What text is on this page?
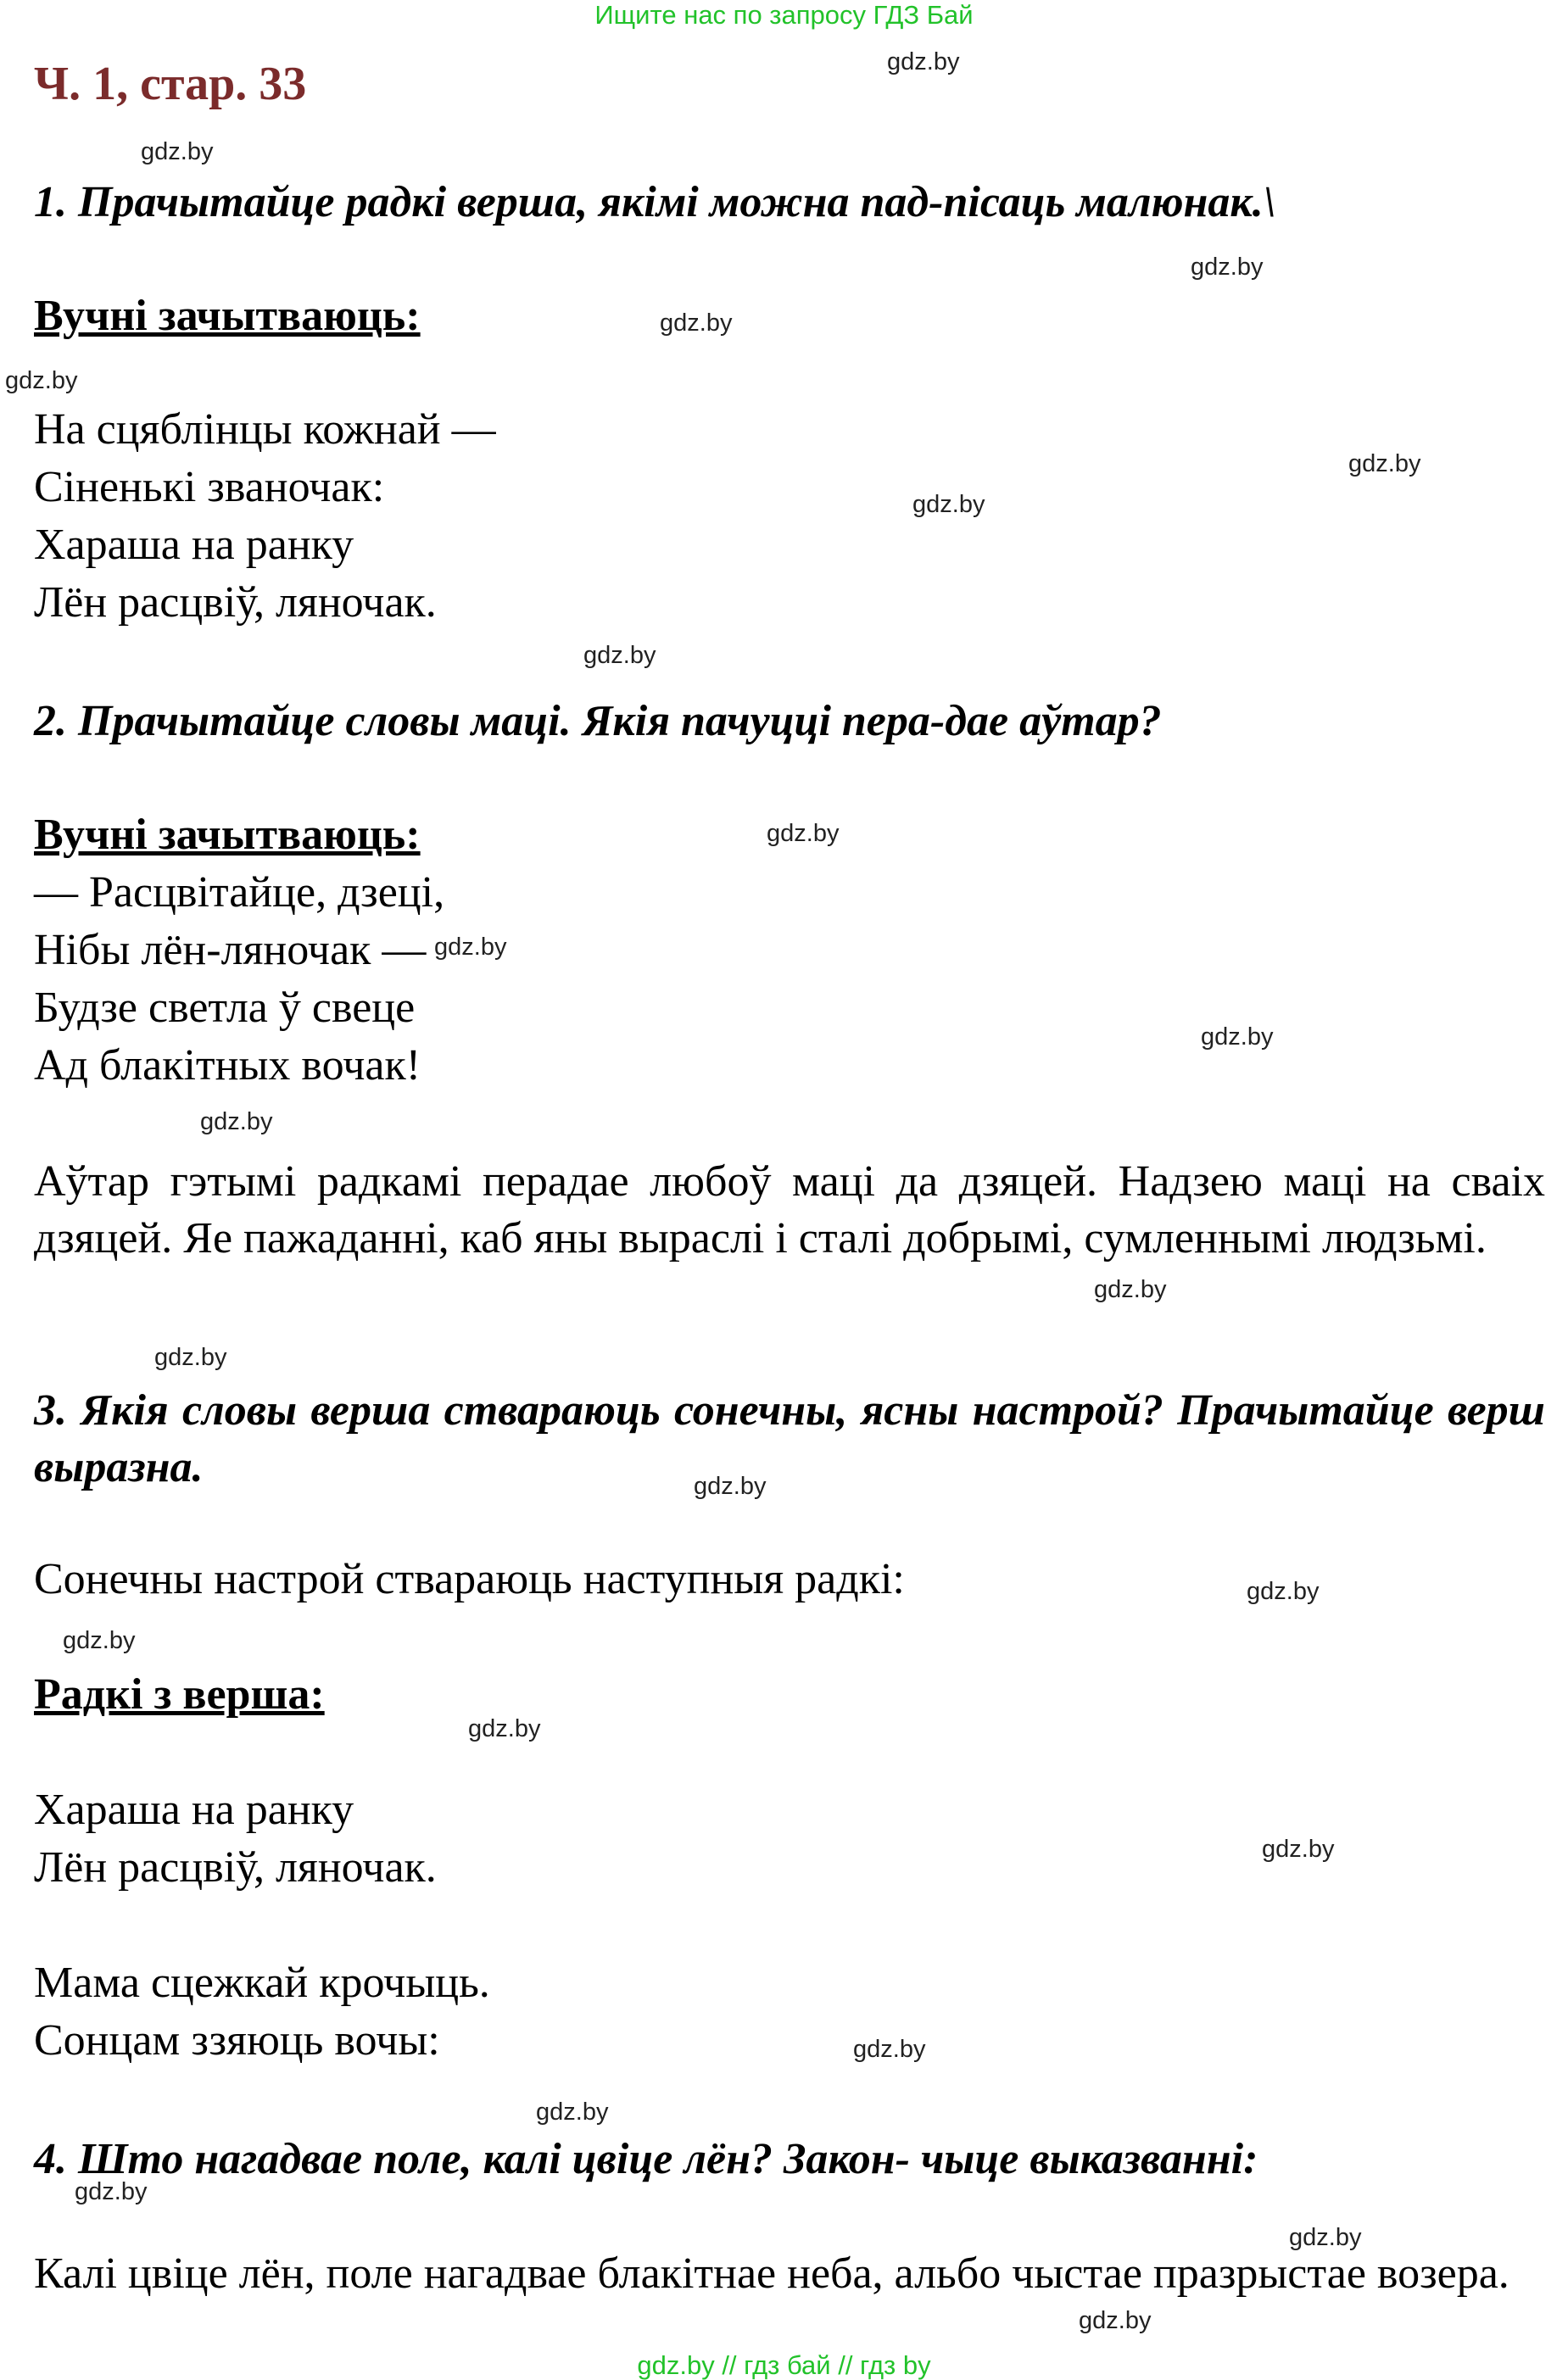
Ищите нас по запросу ГДЗ Бай
Ч. 1, стар. 33
1. Прачытайце радкі верша, якімі можна пад-пісаць малюнак.\
Вучні зачытваюць:
На сцяблінцы кожнай —
Сіненькі званочак:
Хараша на ранку
Лён расцвіў, ляночак.
2. Прачытайце словы маці. Якія пачуцці пера-дае аўтар?
Вучні зачытваюць:
— Расцвітайце, дзеці,
Нібы лён-ляночак —
Будзе светла ў свеце
Ад блакітных вочак!
Аўтар гэтымі радкамі перадае любоў маці да дзяцей. Надзею маці на сваіх дзяцей. Яе пажаданні, каб яны выраслі і сталі добрымі, сумленнымі людзьмі.
3. Якія словы верша ствараюць сонечны, ясны настрой? Прачытайце верш выразна.
Сонечны настрой ствараюць наступныя радкі:
Радкі з верша:
Хараша на ранку
Лён расцвіў, ляночак.
Мама сцежкай крочыць.
Сонцам ззяюць вочы:
4. Што нагадвае поле, калі цвіце лён? Закон- чыце выказванні:
Калі цвіце лён, поле нагадвае блакітнае неба, альбо чыстае празрыстае возера.
gdz.by
gdz.by
gdz.by
gdz.by
gdz.by
gdz.by
gdz.by
gdz.by
gdz.by
gdz.by
gdz.by
gdz.by
gdz.by
gdz.by
gdz.by
gdz.by
gdz.by
gdz.by
gdz.by
gdz.by
gdz.by
gdz.by
gdz.by
gdz.by
gdz.by // гдз бай // гдз by
